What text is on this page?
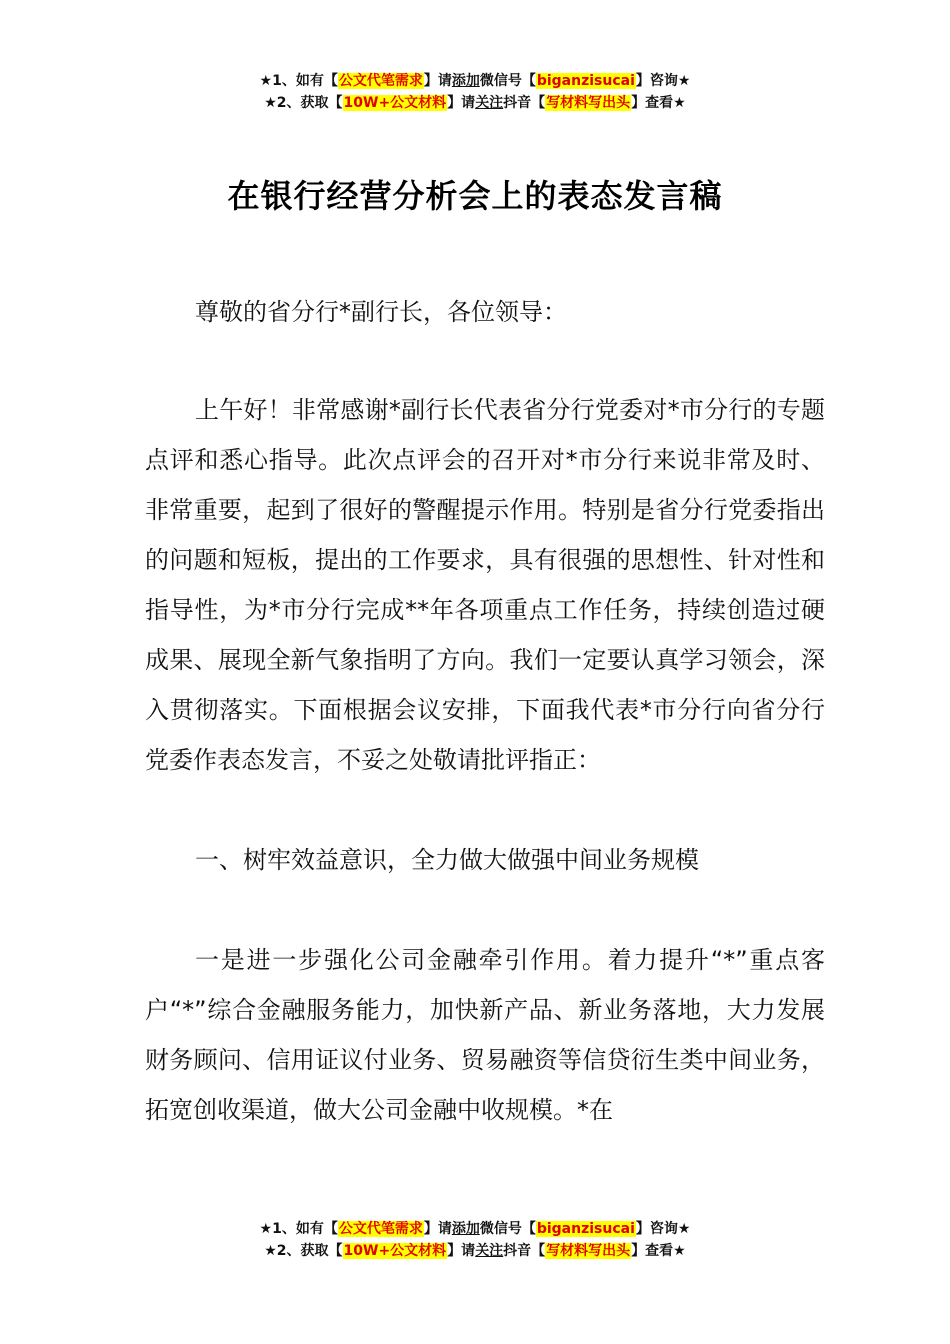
★1、如有【公文代笔需求】请添加微信号【biganzisucai】咨询★
★2、获取【10W+公文材料】请关注抖音【写材料写出头】查看★
在银行经营分析会上的表态发言稿

尊敬的省分行*副行长，各位领导：

上午好！非常感谢*副行长代表省分行党委对*市分行的专题点评和悉心指导。此次点评会的召开对*市分行来说非常及时、非常重要，起到了很好的警醒提示作用。特别是省分行党委指出的问题和短板，提出的工作要求，具有很强的思想性、针对性和指导性，为*市分行完成**年各项重点工作任务，持续创造过硬成果、展现全新气象指明了方向。我们一定要认真学习领会，深入贯彻落实。下面根据会议安排，下面我代表*市分行向省分行党委作表态发言，不妥之处敬请批评指正：

一、树牢效益意识，全力做大做强中间业务规模

一是进一步强化公司金融牵引作用。着力提升“*”重点客户“*”综合金融服务能力，加快新产品、新业务落地，大力发展财务顾问、信用证议付业务、贸易融资等信贷衍生类中间业务，拓宽创收渠道，做大公司金融中收规模。*在

★1、如有【公文代笔需求】请添加微信号【biganzisucai】咨询★
★2、获取【10W+公文材料】请关注抖音【写材料写出头】查看★
